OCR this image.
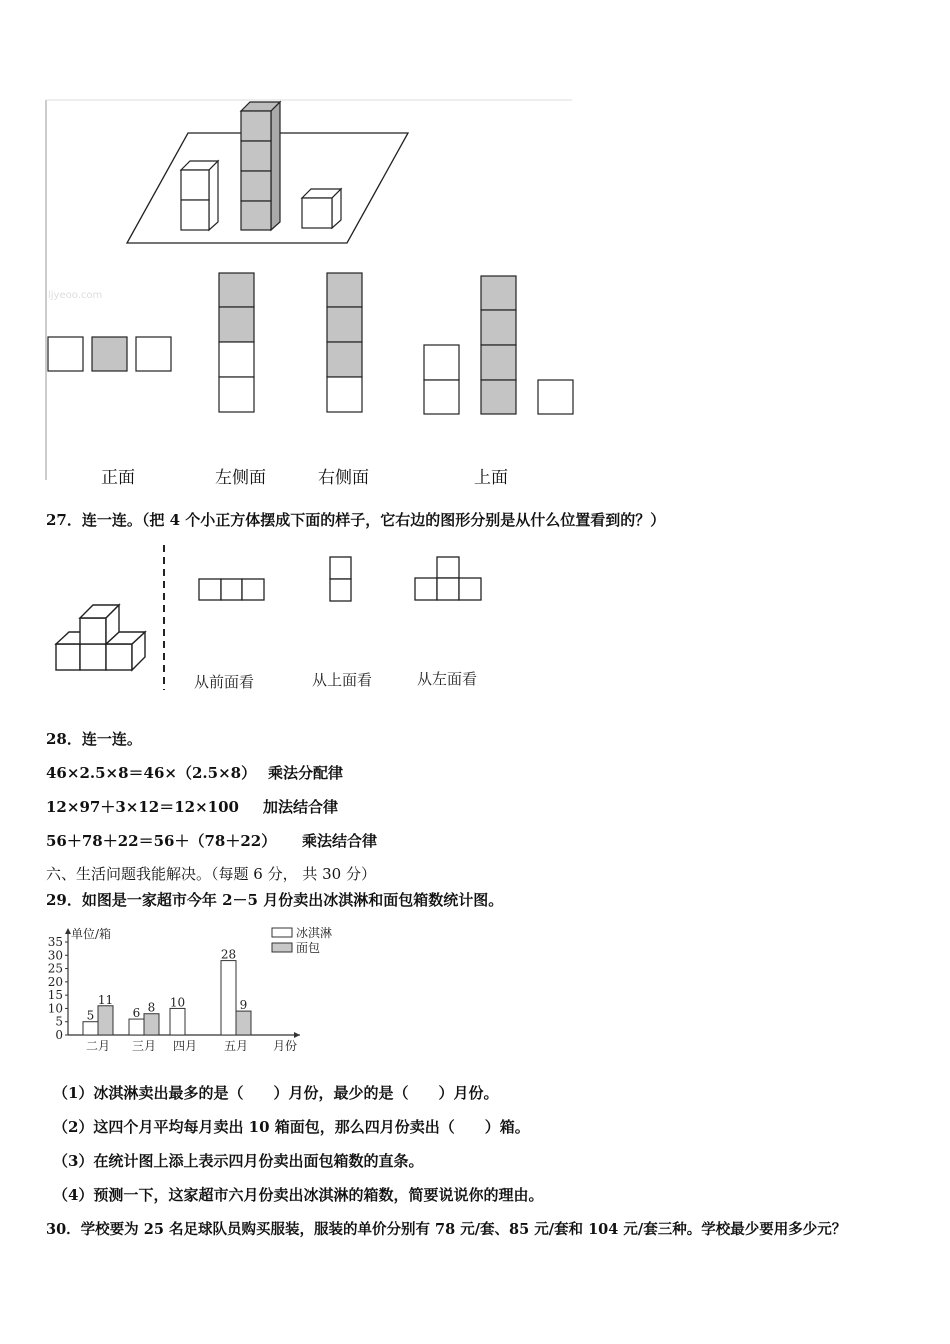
ljyeoo.com
正面	左侧面	右侧面	上面
27．连一连。（把 4 个小正方体摆成下面的样子，它右边的图形分别是从什么位置看到的？）
从前面看	从上面看	从左面看
28．连一连。
46×2.5×8＝46×（2.5×8） 乘法分配律
12×97＋3×12＝12×100 加法结合律
56＋78＋22＝56＋（78＋22） 乘法结合律
六、生活问题我能解决。（每题 6 分， 共 30 分）
29．如图是一家超市今年 2－5 月份卖出冰淇淋和面包箱数统计图。
0
5
10
15
20
25
30
35
单位/箱
5
11
二月
6 8
三月
10
四月
28
9
五月 月份
冰淇淋
面包
（1）冰淇淋卖出最多的是（　　）月份，最少的是（　　）月份。
（2）这四个月平均每月卖出 10 箱面包，那么四月份卖出（　　）箱。
（3）在统计图上添上表示四月份卖出面包箱数的直条。
（4）预测一下，这家超市六月份卖出冰淇淋的箱数，简要说说你的理由。
30．学校要为 25 名足球队员购买服装，服装的单价分别有 78 元/套、85 元/套和 104 元/套三种。学校最少要用多少元？
